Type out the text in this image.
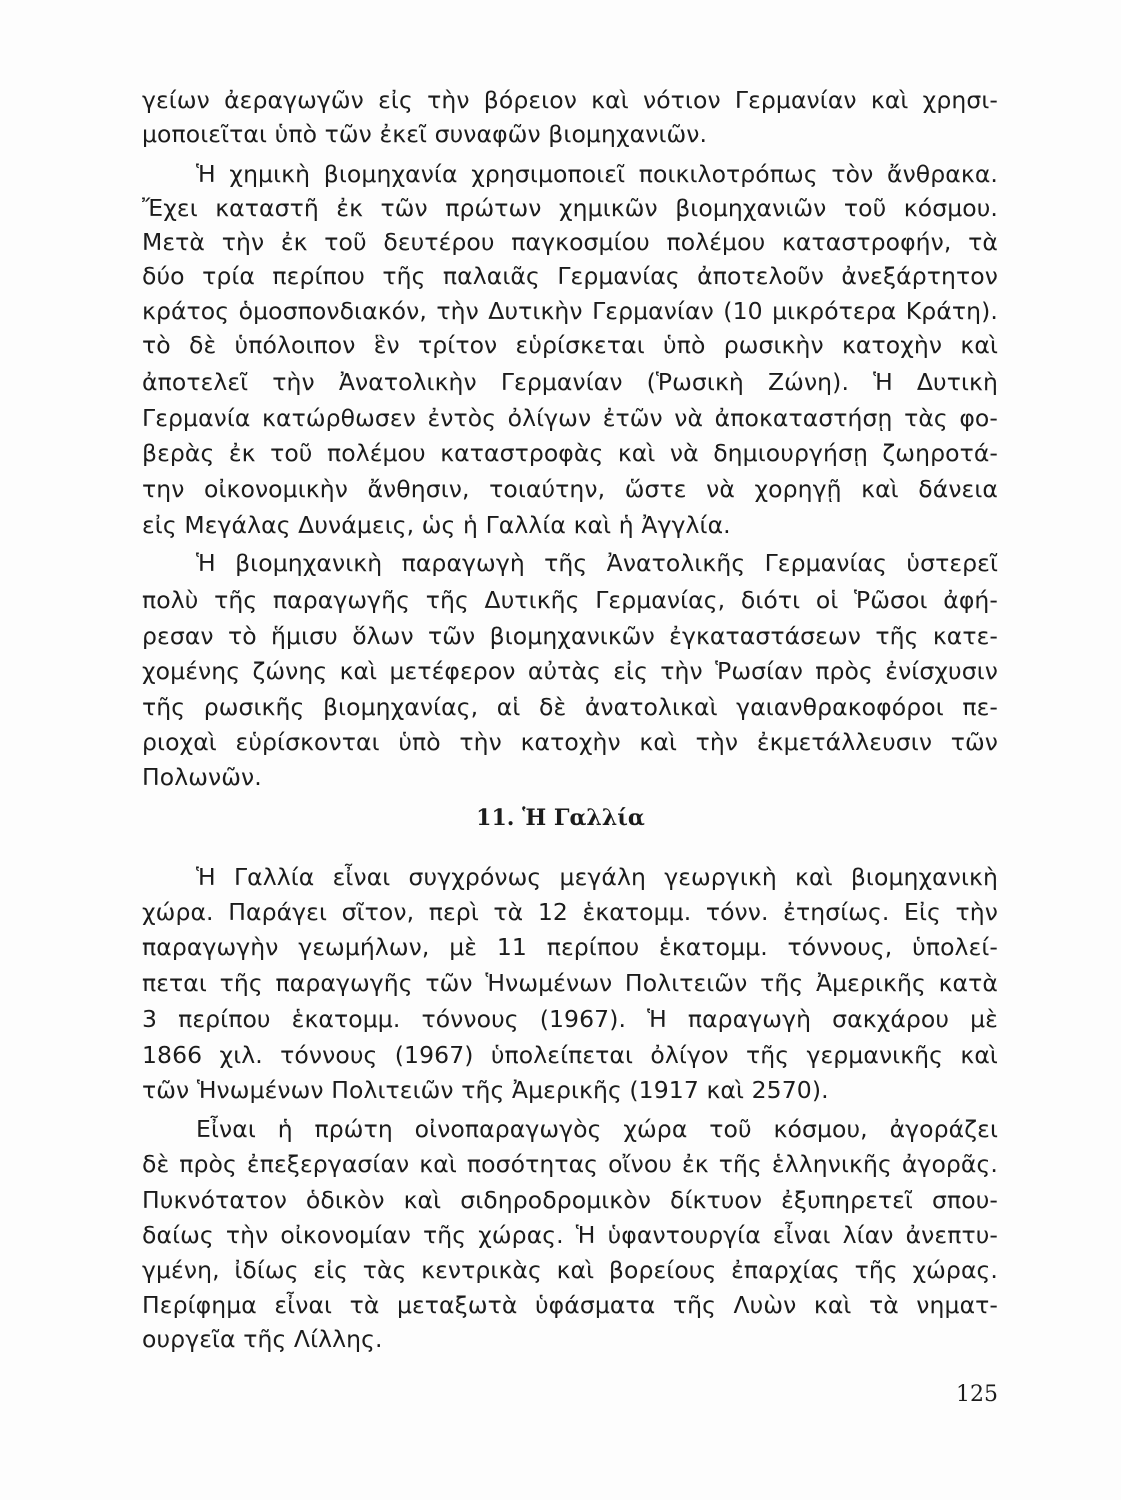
γείων ἀεραγωγῶν εἰς τὴν βόρειον καὶ νότιον Γερμανίαν καὶ χρησι-
μοποιεῖται ὑπὸ τῶν ἐκεῖ συναφῶν βιομηχανιῶν.
Ἡ χημικὴ βιομηχανία χρησιμοποιεῖ ποικιλοτρόπως τὸν ἄνθρακα.
Ἔχει καταστῆ ἐκ τῶν πρώτων χημικῶν βιομηχανιῶν τοῦ κόσμου.
Μετὰ τὴν ἐκ τοῦ δευτέρου παγκοσμίου πολέμου καταστροφήν, τὰ
δύο τρία περίπου τῆς παλαιᾶς Γερμανίας ἀποτελοῦν ἀνεξάρτητον
κράτος ὁμοσπονδιακόν, τὴν Δυτικὴν Γερμανίαν (10 μικρότερα Κράτη).
τὸ δὲ ὑπόλοιπον ἓν τρίτον εὑρίσκεται ὑπὸ ρωσικὴν κατοχὴν καὶ
ἀποτελεῖ τὴν Ἀνατολικὴν Γερμανίαν (Ῥωσικὴ Ζώνη). Ἡ Δυτικὴ
Γερμανία κατώρθωσεν ἐντὸς ὀλίγων ἐτῶν νὰ ἀποκαταστήσῃ τὰς φο-
βερὰς ἐκ τοῦ πολέμου καταστροφὰς καὶ νὰ δημιουργήσῃ ζωηροτά-
την οἰκονομικὴν ἄνθησιν, τοιαύτην, ὥστε νὰ χορηγῇ καὶ δάνεια
εἰς Μεγάλας Δυνάμεις, ὡς ἡ Γαλλία καὶ ἡ Ἀγγλία.
Ἡ βιομηχανικὴ παραγωγὴ τῆς Ἀνατολικῆς Γερμανίας ὑστερεῖ
πολὺ τῆς παραγωγῆς τῆς Δυτικῆς Γερμανίας, διότι οἱ Ῥῶσοι ἀφή-
ρεσαν τὸ ἥμισυ ὅλων τῶν βιομηχανικῶν ἐγκαταστάσεων τῆς κατε-
χομένης ζώνης καὶ μετέφερον αὐτὰς εἰς τὴν Ῥωσίαν πρὸς ἐνίσχυσιν
τῆς ρωσικῆς βιομηχανίας, αἱ δὲ ἀνατολικαὶ γαιανθρακοφόροι πε-
ριοχαὶ εὑρίσκονται ὑπὸ τὴν κατοχὴν καὶ τὴν ἐκμετάλλευσιν τῶν
Πολωνῶν.
11. Ἡ Γαλλία
Ἡ Γαλλία εἶναι συγχρόνως μεγάλη γεωργικὴ καὶ βιομηχανικὴ
χώρα. Παράγει σῖτον, περὶ τὰ 12 ἑκατομμ. τόνν. ἐτησίως. Εἰς τὴν
παραγωγὴν γεωμήλων, μὲ 11 περίπου ἑκατομμ. τόννους, ὑπολεί-
πεται τῆς παραγωγῆς τῶν Ἡνωμένων Πολιτειῶν τῆς Ἀμερικῆς κατὰ
3 περίπου ἑκατομμ. τόννους (1967). Ἡ παραγωγὴ σακχάρου μὲ
1866 χιλ. τόννους (1967) ὑπολείπεται ὀλίγον τῆς γερμανικῆς καὶ
τῶν Ἡνωμένων Πολιτειῶν τῆς Ἀμερικῆς (1917 καὶ 2570).
Εἶναι ἡ πρώτη οἰνοπαραγωγὸς χώρα τοῦ κόσμου, ἀγοράζει
δὲ πρὸς ἐπεξεργασίαν καὶ ποσότητας οἴνου ἐκ τῆς ἑλληνικῆς ἀγορᾶς.
Πυκνότατον ὁδικὸν καὶ σιδηροδρομικὸν δίκτυον ἐξυπηρετεῖ σπου-
δαίως τὴν οἰκονομίαν τῆς χώρας. Ἡ ὑφαντουργία εἶναι λίαν ἀνεπτυ-
γμένη, ἰδίως εἰς τὰς κεντρικὰς καὶ βορείους ἐπαρχίας τῆς χώρας.
Περίφημα εἶναι τὰ μεταξωτὰ ὑφάσματα τῆς Λυὼν καὶ τὰ νηματ-
ουργεῖα τῆς Λίλλης.
125
